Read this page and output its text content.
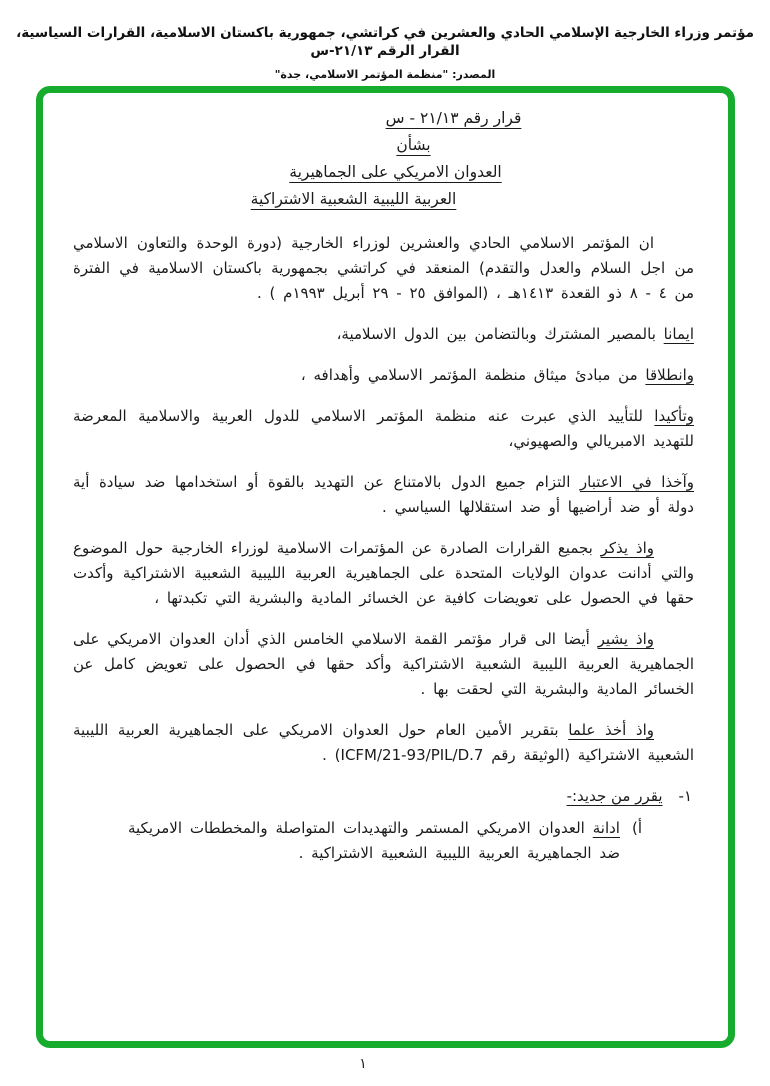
مؤتمر وزراء الخارجية الإسلامي الحادي والعشرين في كراتشي، جمهورية باكستان الاسلامية، القرارات السياسية، القرار الرقم ٢١/١٣-س
المصدر: "منظمة المؤتمر الاسلامي، جدة"
قرار رقم ٢١/١٣ - س
بشأن
العدوان الامريكي على الجماهيرية
العربية الليبية الشعبية الاشتراكية

ان المؤتمر الاسلامي الحادي والعشرين لوزراء الخارجية (دورة الوحدة والتعاون الاسلامي من اجل السلام والعدل والتقدم) المنعقد في كراتشي بجمهورية باكستان الاسلامية في الفترة من ٤ - ٨ ذو القعدة ١٤١٣هـ ، (الموافق ٢٥ - ٢٩ أبريل ١٩٩٣م ) .

ايمانا بالمصير المشترك وبالتضامن بين الدول الاسلامية،

وانطلاقا من مبادئ ميثاق منظمة المؤتمر الاسلامي وأهدافه ،

وتأكيدا للتأييد الذي عبرت عنه منظمة المؤتمر الاسلامي للدول العربية والاسلامية المعرضة للتهديد الامبريالي والصهيوني،

وآخذا في الاعتبار التزام جميع الدول بالامتناع عن التهديد بالقوة أو استخدامها ضد سيادة أية دولة أو ضد أراضيها أو ضد استقلالها السياسي .

واذ يذكر بجميع القرارات الصادرة عن المؤتمرات الاسلامية لوزراء الخارجية حول الموضوع والتي أدانت عدوان الولايات المتحدة على الجماهيرية العربية الليبية الشعبية الاشتراكية وأكدت حقها في الحصول على تعويضات كافية عن الخسائر المادية والبشرية التي تكبدتها ،

واذ يشير أيضا الى قرار مؤتمر القمة الاسلامي الخامس الذي أدان العدوان الامريكي على الجماهيرية العربية الليبية الشعبية الاشتراكية وأكد حقها في الحصول على تعويض كامل عن الخسائر المادية والبشرية التي لحقت بها .

واذ أخذ علما بتقرير الأمين العام حول العدوان الامريكي على الجماهيرية العربية الليبية الشعبية الاشتراكية (الوثيقة رقم ICFM/21-93/PIL/D.7) .

١-
يقرر من جديد:-
أ)
ادانة العدوان الامريكي المستمر والتهديدات المتواصلة والمخططات الامريكية ضد الجماهيرية العربية الليبية الشعبية الاشتراكية .
١
